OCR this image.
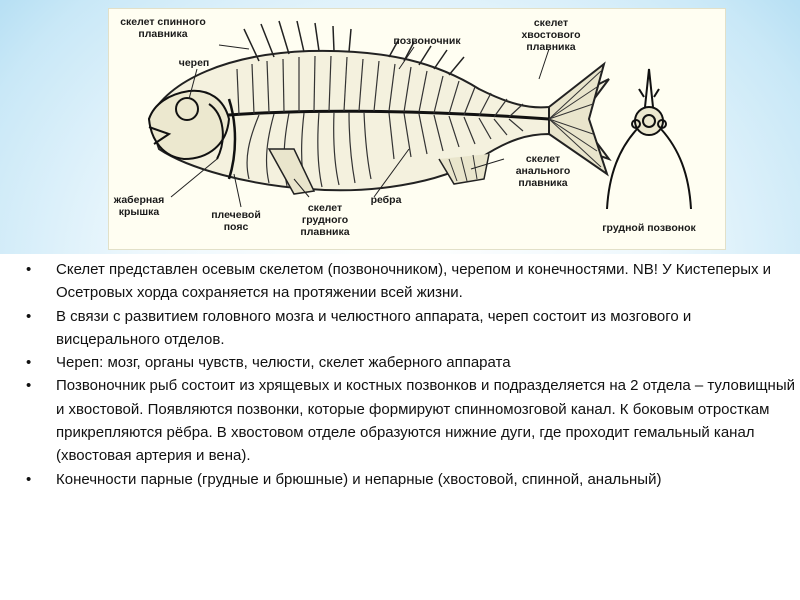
скелет спинного
плавника
череп
позвоночник
скелет
хвостового
плавника
скелет
анального
плавника
ребра
жаберная
крышка	плечевой
пояс
скелет
грудного
плавника	грудной позвонок
• Скелет представлен осевым скелетом (позвоночником), черепом и конечностями. NB! У Кистеперых и Осетровых хорда сохраняется на протяжении всей жизни.
• В связи с развитием головного мозга и челюстного аппарата, череп состоит из мозгового и висцерального отделов.
• Череп: мозг, органы чувств, челюсти, скелет жаберного аппарата
• Позвоночник рыб состоит из хрящевых и костных позвонков и подразделяется на 2 отдела – туловищный и хвостовой. Появляются позвонки, которые формируют спинномозговой канал. К боковым отросткам прикрепляются рёбра. В хвостовом отделе образуются нижние дуги, где проходит гемальный канал (хвостовая артерия и вена).
• Конечности парные (грудные и брюшные) и непарные (хвостовой, спинной, анальный)
